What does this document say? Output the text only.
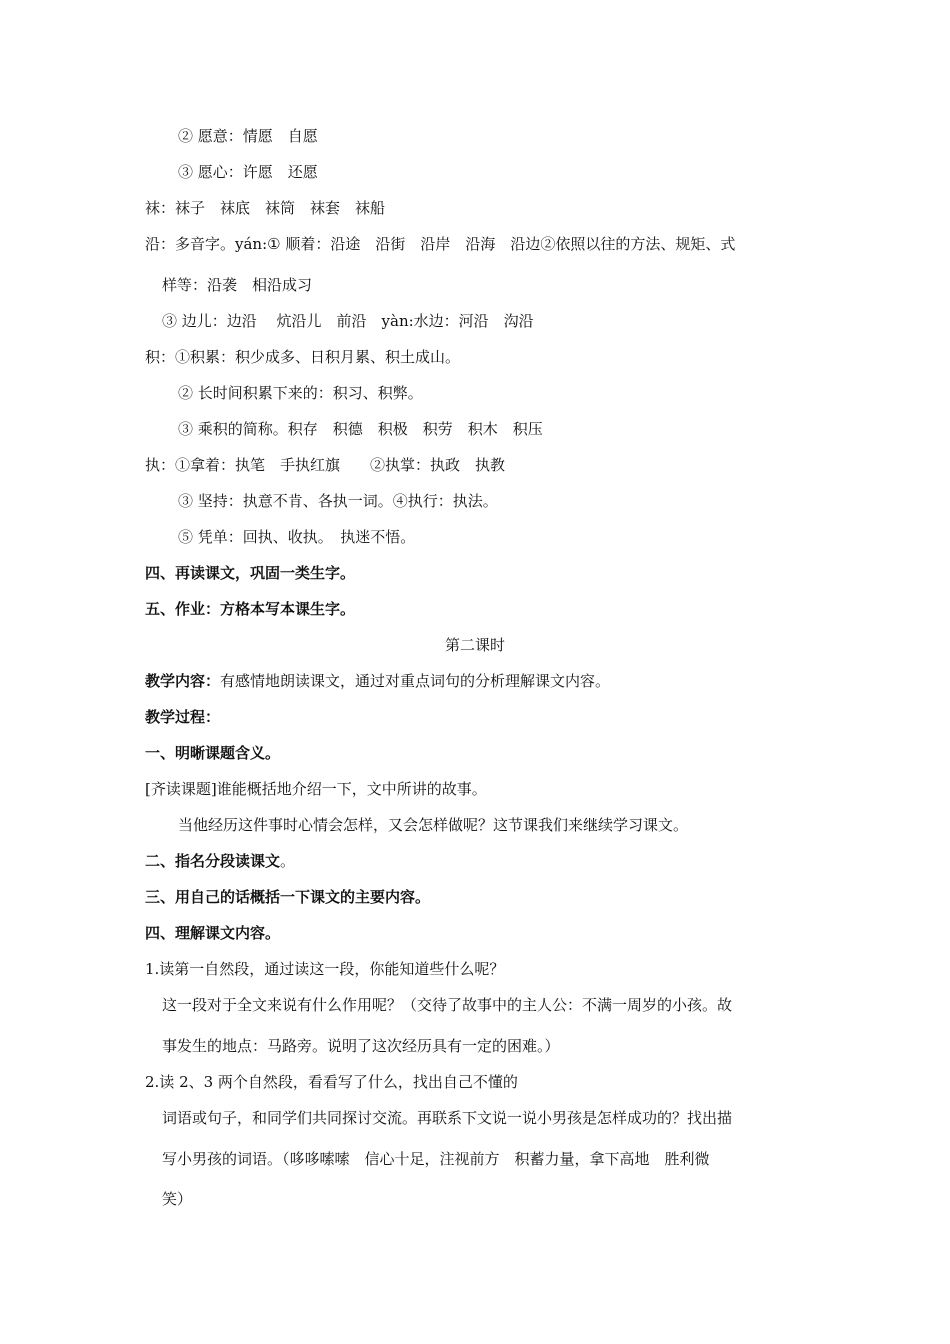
② 愿意：情愿　自愿
③ 愿心：许愿　还愿
袜：袜子　袜底　袜筒　袜套　袜船
沿：多音字。yán:① 顺着：沿途　沿街　沿岸　沿海　沿边②依照以往的方法、规矩、式
样等：沿袭　相沿成习
③ 边儿：边沿　 炕沿儿　前沿　yàn:水边：河沿　沟沿
积：①积累：积少成多、日积月累、积土成山。
② 长时间积累下来的：积习、积弊。
③ 乘积的简称。积存　积德　积极　积劳　积木　积压
执：①拿着：执笔　手执红旗　　②执掌：执政　执教
③ 坚持：执意不肯、各执一词。④执行：执法。
⑤ 凭单：回执、收执。　执迷不悟。
四、再读课文，巩固一类生字。
五、作业：方格本写本课生字。
第二课时
教学内容：有感情地朗读课文，通过对重点词句的分析理解课文内容。
教学过程：
一、明晰课题含义。
[齐读课题]谁能概括地介绍一下，文中所讲的故事。
当他经历这件事时心情会怎样，又会怎样做呢？这节课我们来继续学习课文。
二、指名分段读课文。
三、用自己的话概括一下课文的主要内容。
四、理解课文内容。
1.读第一自然段，通过读这一段，你能知道些什么呢？
这一段对于全文来说有什么作用呢？（交待了故事中的主人公：不满一周岁的小孩。故
事发生的地点：马路旁。说明了这次经历具有一定的困难。）
2.读 2、3 两个自然段，看看写了什么，找出自己不懂的
词语或句子，和同学们共同探讨交流。再联系下文说一说小男孩是怎样成功的？找出描
写小男孩的词语。（哆哆嗦嗦　信心十足，注视前方　积蓄力量，拿下高地　胜利微
笑）
